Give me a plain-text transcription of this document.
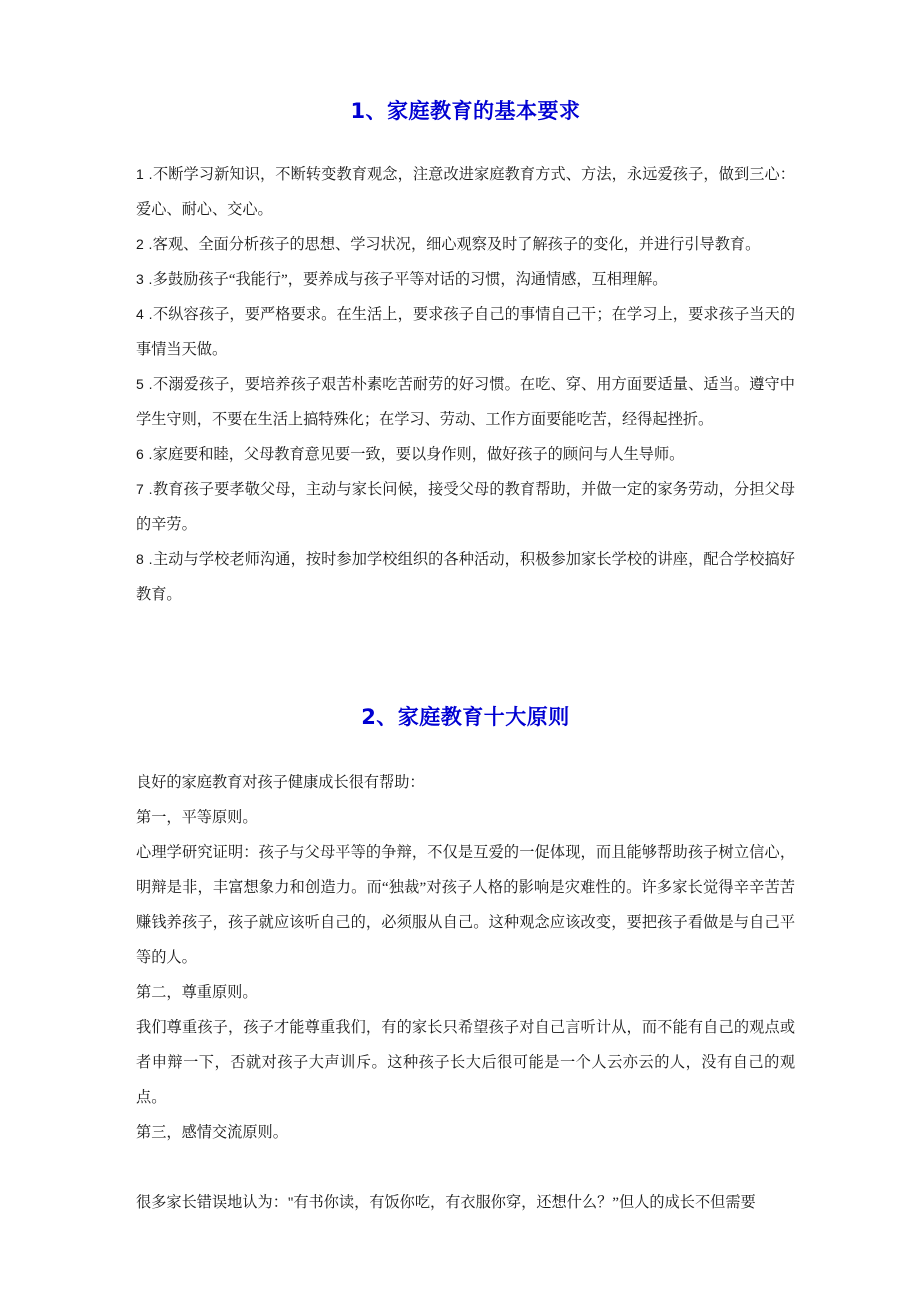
1、家庭教育的基本要求

1 .不断学习新知识，不断转变教育观念，注意改进家庭教育方式、方法，永远爱孩子，做到三心：爱心、耐心、交心。

2 .客观、全面分析孩子的思想、学习状况，细心观察及时了解孩子的变化，并进行引导教育。

3 .多鼓励孩子“我能行”，要养成与孩子平等对话的习惯，沟通情感，互相理解。

4 .不纵容孩子，要严格要求。在生活上，要求孩子自己的事情自己干；在学习上，要求孩子当天的事情当天做。

5 .不溺爱孩子，要培养孩子艰苦朴素吃苦耐劳的好习惯。在吃、穿、用方面要适量、适当。遵守中学生守则，不要在生活上搞特殊化；在学习、劳动、工作方面要能吃苦，经得起挫折。

6 .家庭要和睦，父母教育意见要一致，要以身作则，做好孩子的顾问与人生导师。

7 .教育孩子要孝敬父母，主动与家长问候，接受父母的教育帮助，并做一定的家务劳动，分担父母的辛劳。

8 .主动与学校老师沟通，按时参加学校组织的各种活动，积极参加家长学校的讲座，配合学校搞好教育。

2、家庭教育十大原则

良好的家庭教育对孩子健康成长很有帮助：

第一，平等原则。

心理学研究证明：孩子与父母平等的争辩，不仅是互爱的一促体现，而且能够帮助孩子树立信心，明辩是非，丰富想象力和创造力。而“独裁”对孩子人格的影响是灾难性的。许多家长觉得辛辛苦苦赚钱养孩子，孩子就应该听自己的，必须服从自己。这种观念应该改变，要把孩子看做是与自己平等的人。

第二，尊重原则。

我们尊重孩子，孩子才能尊重我们，有的家长只希望孩子对自己言听计从，而不能有自己的观点或者申辩一下，否就对孩子大声训斥。这种孩子长大后很可能是一个人云亦云的人，没有自己的观点。

第三，感情交流原则。

很多家长错误地认为：''有书你读，有饭你吃，有衣服你穿，还想什么？”但人的成长不但需要
